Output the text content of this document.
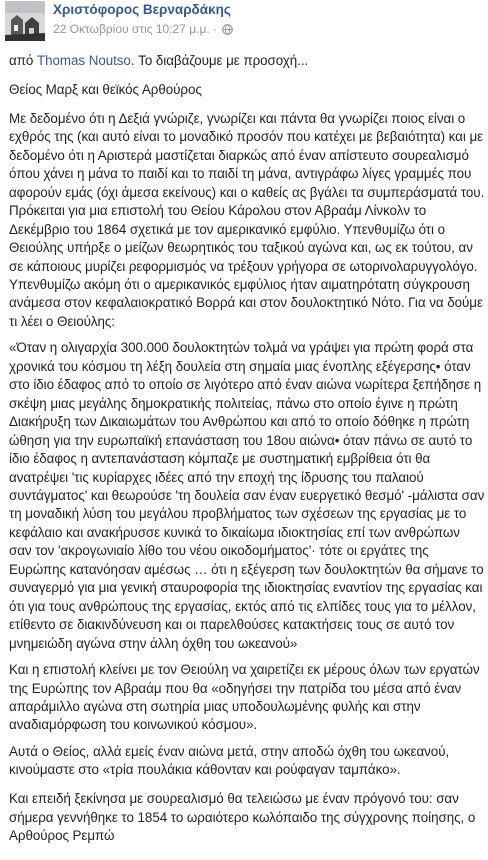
Χριστόφορος Βερναρδάκης
22 Οκτωβρίου στις 10:27 μ.μ. ·

από Thomas Noutso. Το διαβάζουμε με προσοχή...

Θείος Μαρξ και θεϊκός Αρθούρος

Με δεδομένο ότι η Δεξιά γνώριζε, γνωρίζει και πάντα θα γνωρίζει ποιος είναι ο εχθρός της (και αυτό είναι το μοναδικό προσόν που κατέχει με βεβαιότητα) και με δεδομένο ότι η Αριστερά μαστίζεται διαρκώς από έναν απίστευτο σουρεαλισμό όπου χάνει η μάνα το παιδί και το παιδί τη μάνα, αντιγράφω λίγες γραμμές που αφορούν εμάς (όχι άμεσα εκείνους) και ο καθείς ας βγάλει τα συμπεράσματά του. Πρόκειται για μια επιστολή του Θείου Κάρολου στον Αβραάμ Λίνκολν το Δεκέμβριο του 1864 σχετικά με τον αμερικανικό εμφύλιο. Υπενθυμίζω ότι ο Θειούλης υπήρξε ο μείζων θεωρητικός του ταξικού αγώνα και, ως εκ τούτου, αν σε κάποιους μυρίζει ρεφορμισμός να τρέξουν γρήγορα σε ωτορινολαρυγγολόγο. Υπενθυμίζω ακόμη ότι ο αμερικανικός εμφύλιος ήταν αιματηρότατη σύγκρουση ανάμεσα στον κεφαλαιοκρατικό Βορρά και στον δουλοκτητικό Νότο. Για να δούμε τι λέει ο Θειούλης:

«Όταν η ολιγαρχία 300.000 δουλοκτητών τολμά να γράψει για πρώτη φορά στα χρονικά του κόσμου τη λέξη δουλεία στη σημαία μιας ένοπλης εξέγερσης• όταν στο ίδιο έδαφος από το οποίο σε λιγότερο από έναν αιώνα νωρίτερα ξεπήδησε η σκέψη μιας μεγάλης δημοκρατικής πολιτείας, πάνω στο οποίο έγινε η πρώτη Διακήρυξη των Δικαιωμάτων του Ανθρώπου και από το οποίο δόθηκε η πρώτη ώθηση για την ευρωπαϊκή επανάσταση του 18ου αιώνα• όταν πάνω σε αυτό το ίδιο έδαφος η αντεπανάσταση κόμπαζε με συστηματική εμβρίθεια ότι θα ανατρέψει 'τις κυρίαρχες ιδέες από την εποχή της ίδρυσης του παλαιού συντάγματος' και θεωρούσε 'τη δουλεία σαν έναν ευεργετικό θεσμό' -μάλιστα σαν τη μοναδική λύση του μεγάλου προβλήματος των σχέσεων της εργασίας με το κεφάλαιο και ανακήρυσσε κυνικά το δικαίωμα ιδιοκτησίας επί των ανθρώπων σαν τον 'ακρογωνιαίο λίθο του νέου οικοδομήματος'· τότε οι εργάτες της Ευρώπης κατανόησαν αμέσως … ότι η εξέγερση των δουλοκτητών θα σήμανε το συναγερμό για μια γενική σταυροφορία της ιδιοκτησίας εναντίον της εργασίας και ότι για τους ανθρώπους της εργασίας, εκτός από τις ελπίδες τους για το μέλλον, ετίθεντο σε διακινδύνευση και οι παρελθούσες κατακτήσεις τους σε αυτό τον μνημειώδη αγώνα στην άλλη όχθη του ωκεανού»

Και η επιστολή κλείνει με τον Θειούλη να χαιρετίζει εκ μέρους όλων των εργατών της Ευρώπης τον Αβραάμ που θα «οδηγήσει την πατρίδα του μέσα από έναν απαράμιλλο αγώνα στη σωτηρία μιας υποδουλωμένης φυλής και στην αναδιαμόρφωση του κοινωνικού κόσμου».

Αυτά ο Θείος, αλλά εμείς έναν αιώνα μετά, στην αποδώ όχθη του ωκεανού, κινούμαστε στο «τρία πουλάκια κάθονταν και ρούφαγαν ταμπάκο».

Και επειδή ξεκίνησα με σουρεαλισμό θα τελειώσω με έναν πρόγονό του: σαν σήμερα γεννήθηκε το 1854 το ωραιότερο κωλόπαιδο της σύγχρονης ποίησης, ο Αρθούρος Ρεμπώ
